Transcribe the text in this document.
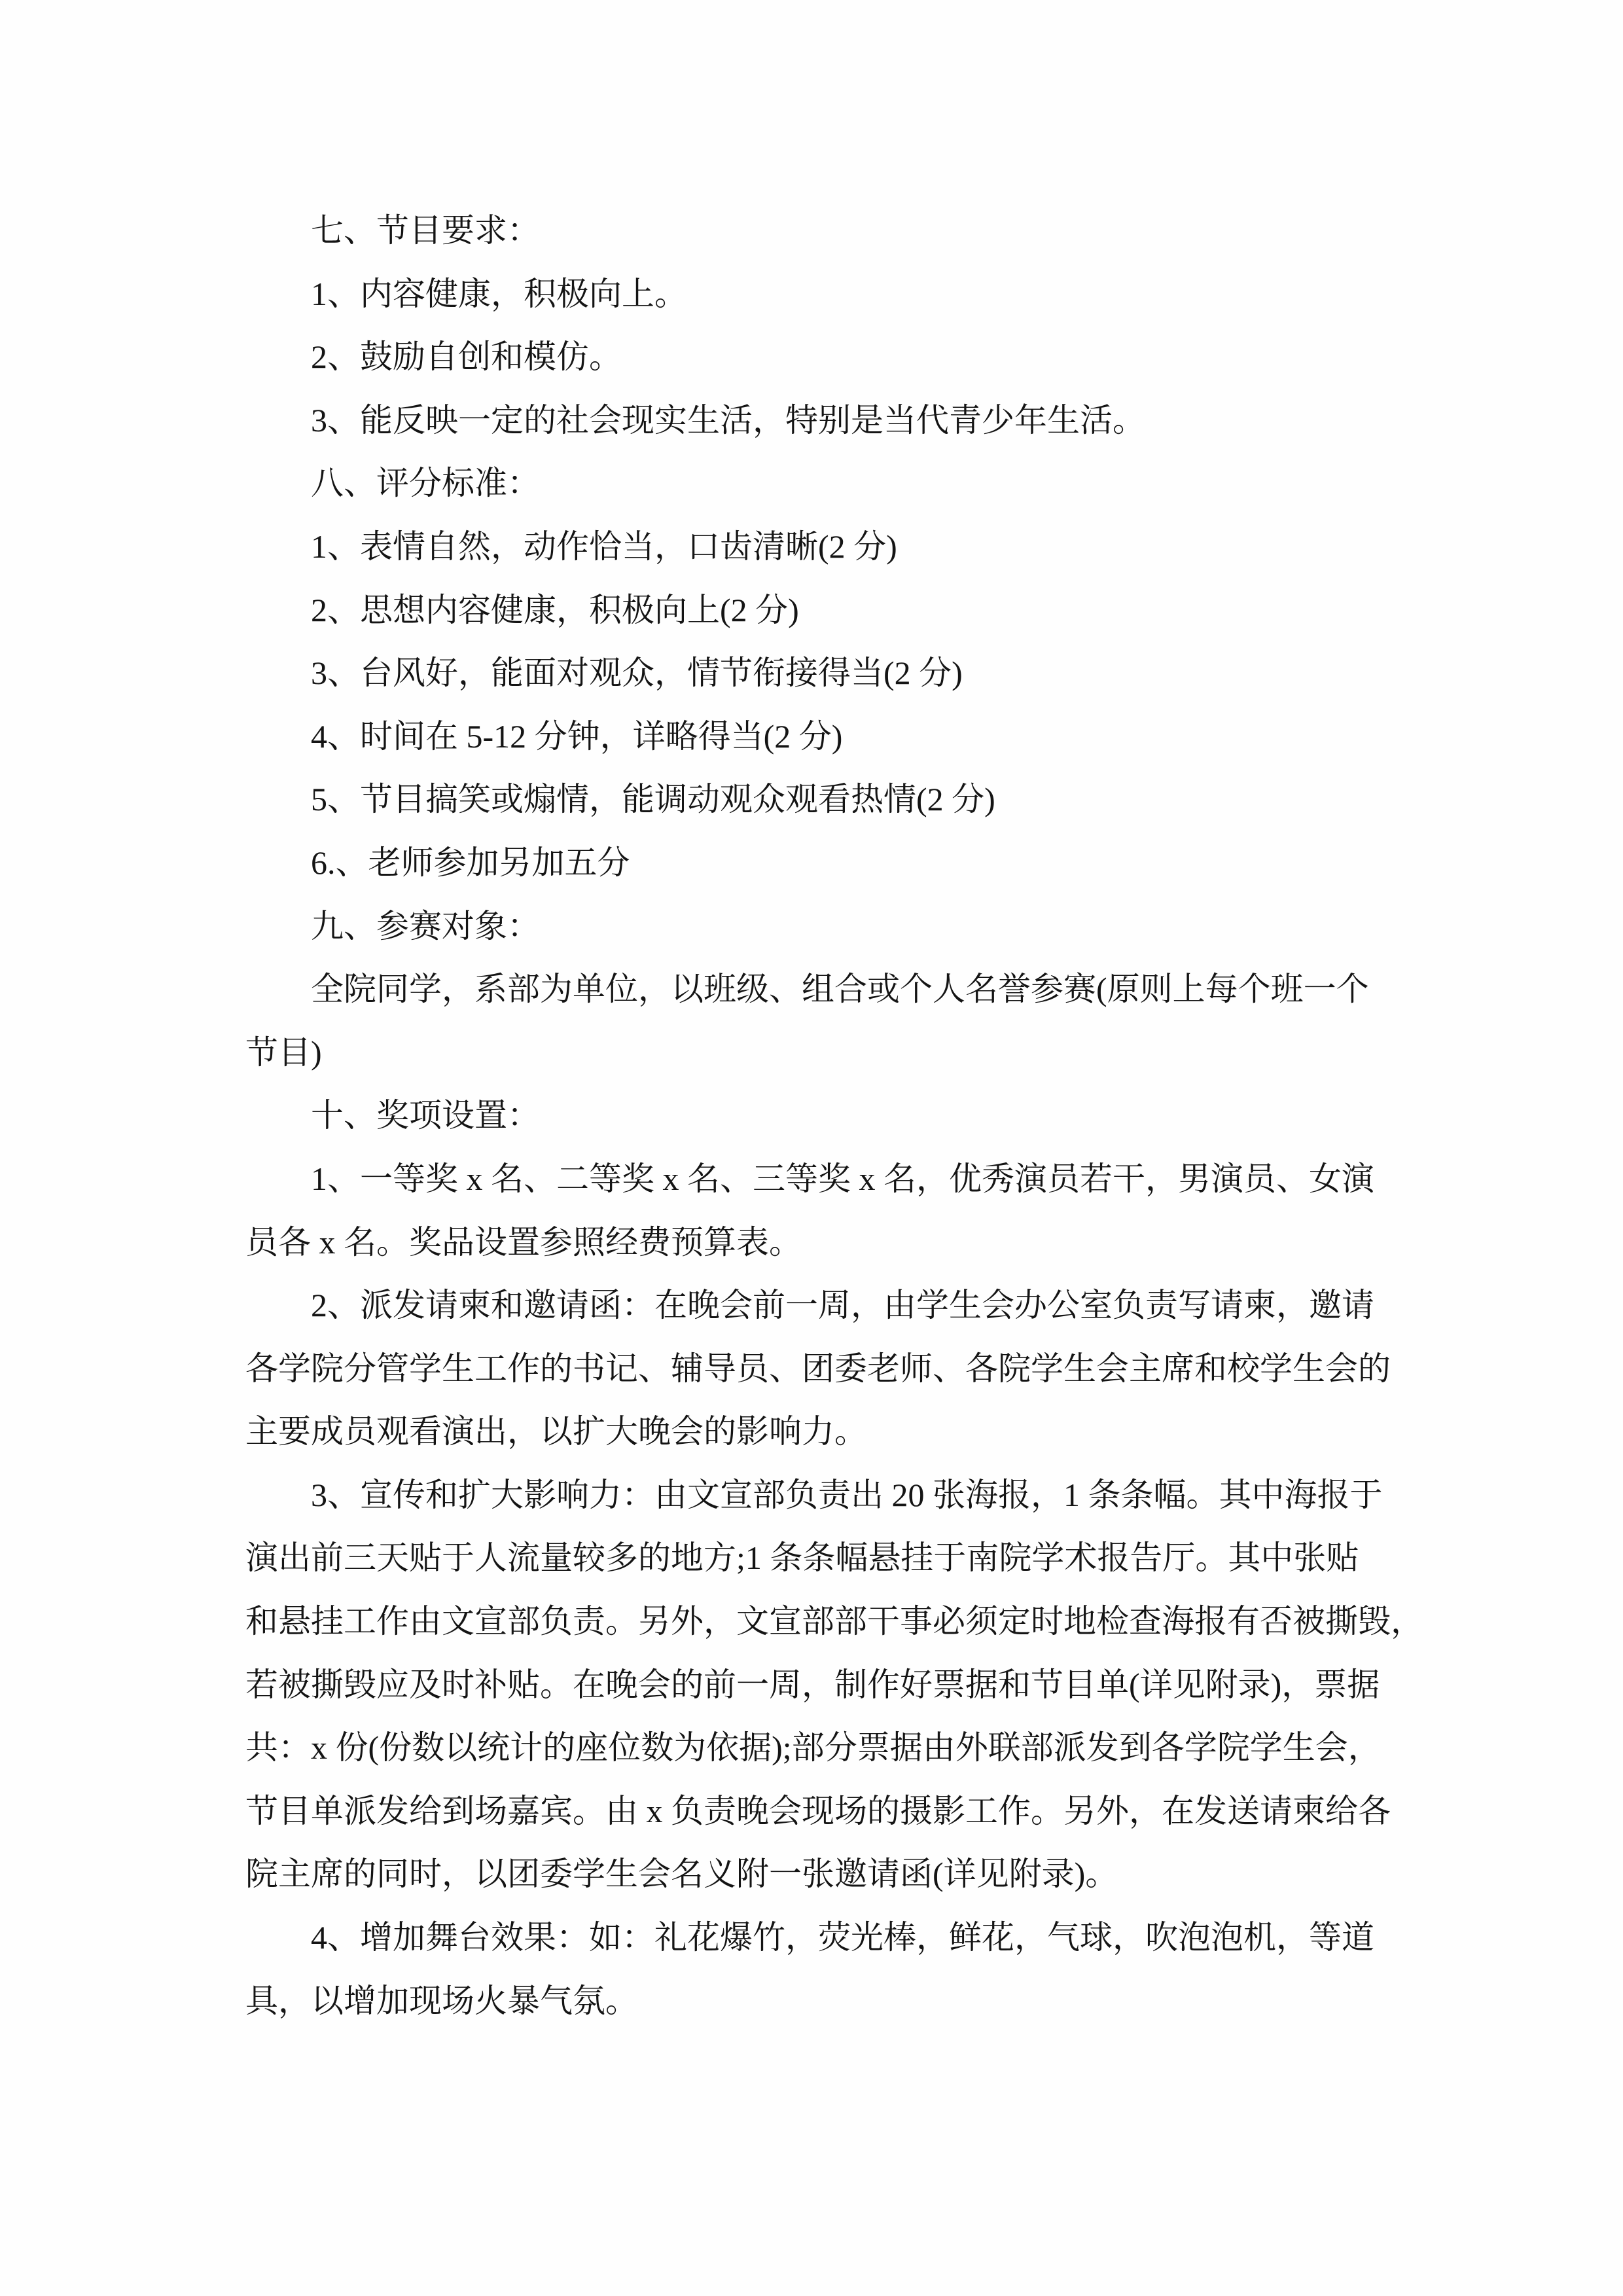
七、节目要求：
1、内容健康，积极向上。
2、鼓励自创和模仿。
3、能反映一定的社会现实生活，特别是当代青少年生活。
八、评分标准：
1、表情自然，动作恰当，口齿清晰(2 分)
2、思想内容健康，积极向上(2 分)
3、台风好，能面对观众，情节衔接得当(2 分)
4、时间在 5-12 分钟，详略得当(2 分)
5、节目搞笑或煽情，能调动观众观看热情(2 分)
6.、老师参加另加五分
九、参赛对象：
全院同学，系部为单位，以班级、组合或个人名誉参赛(原则上每个班一个
节目)
十、奖项设置：
1、一等奖 x 名、二等奖 x 名、三等奖 x 名，优秀演员若干，男演员、女演
员各 x 名。奖品设置参照经费预算表。
2、派发请柬和邀请函：在晚会前一周，由学生会办公室负责写请柬，邀请
各学院分管学生工作的书记、辅导员、团委老师、各院学生会主席和校学生会的
主要成员观看演出，以扩大晚会的影响力。
3、宣传和扩大影响力：由文宣部负责出 20 张海报，1 条条幅。其中海报于
演出前三天贴于人流量较多的地方;1 条条幅悬挂于南院学术报告厅。其中张贴
和悬挂工作由文宣部负责。另外，文宣部部干事必须定时地检查海报有否被撕毁，
若被撕毁应及时补贴。在晚会的前一周，制作好票据和节目单(详见附录)，票据
共：x 份(份数以统计的座位数为依据);部分票据由外联部派发到各学院学生会，
节目单派发给到场嘉宾。由 x 负责晚会现场的摄影工作。另外，在发送请柬给各
院主席的同时，以团委学生会名义附一张邀请函(详见附录)。
4、增加舞台效果：如：礼花爆竹，荧光棒，鲜花，气球，吹泡泡机，等道
具，以增加现场火暴气氛。
